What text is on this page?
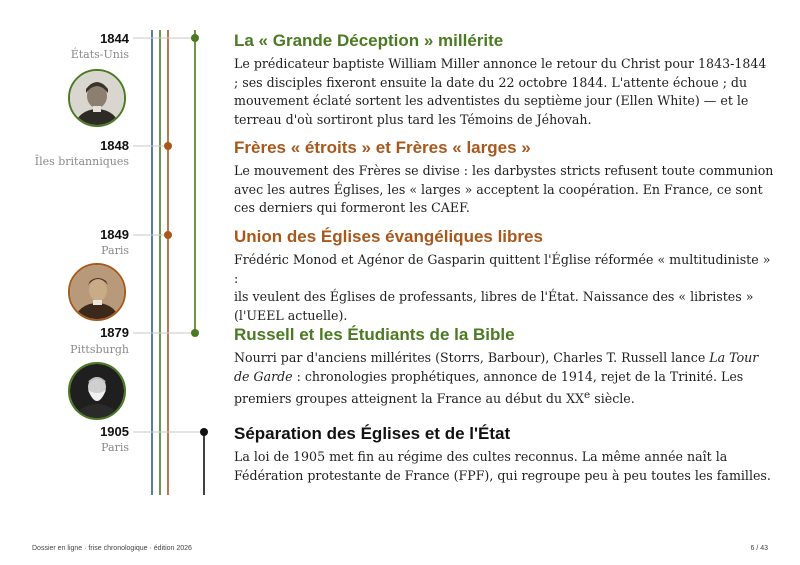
1844
États-Unis
1848
Îles britanniques
1849
Paris
1879
Pittsburgh
1905
Paris
La « Grande Déception » millérite

Le prédicateur baptiste William Miller annonce le retour du Christ pour 1843-1844 ; ses disciples fixeront ensuite la date du 22 octobre 1844. L'attente échoue ; du mouvement éclaté sortent les adventistes du septième jour (Ellen White) — et le terreau d'où sortiront plus tard les Témoins de Jéhovah.

Frères « étroits » et Frères « larges »

Le mouvement des Frères se divise : les darbystes stricts refusent toute communion avec les autres Églises, les « larges » acceptent la coopération. En France, ce sont ces derniers qui formeront les CAEF.

Union des Églises évangéliques libres

Frédéric Monod et Agénor de Gasparin quittent l'Église réformée « multitudiniste » :
ils veulent des Églises de professants, libres de l'État. Naissance des « libristes »
(l'UEEL actuelle).

Russell et les Étudiants de la Bible

Nourri par d'anciens millérites (Storrs, Barbour), Charles T. Russell lance La Tour de Garde : chronologies prophétiques, annonce de 1914, rejet de la Trinité. Les premiers groupes atteignent la France au début du XXe siècle.

Séparation des Églises et de l'État

La loi de 1905 met fin au régime des cultes reconnus. La même année naît la Fédération protestante de France (FPF), qui regroupe peu à peu toutes les familles.

Dossier en ligne · frise chronologique · édition 2026	6 / 43
